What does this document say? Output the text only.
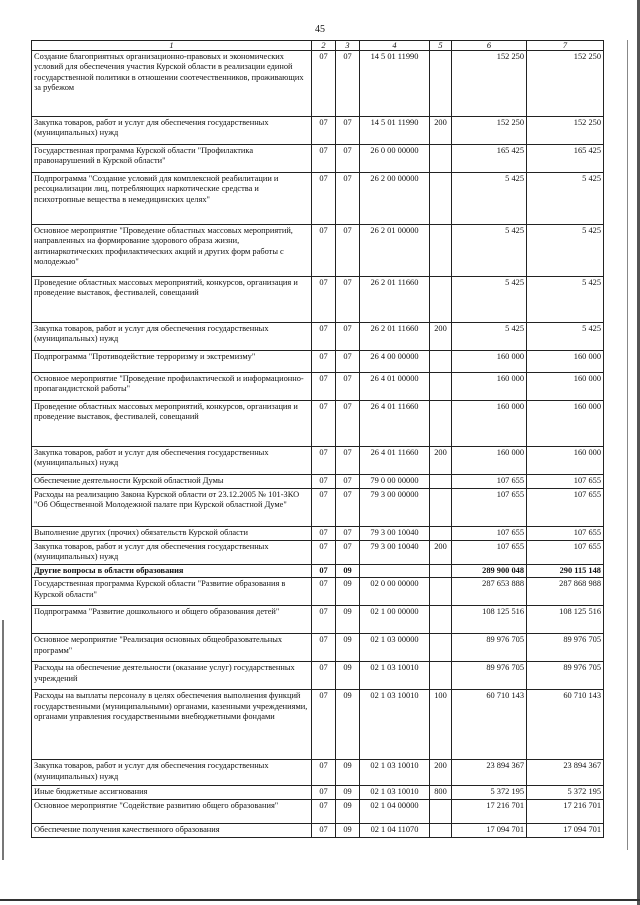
45
1	2	3	4	5	6	7
Создание благоприятных организационно-правовых и экономических условий для обеспечения участия Курской области в реализации единой государственной политики в отношении соотечественников, проживающих за рубежом	07	07	14 5 01 11990		152 250	152 250
Закупка товаров, работ и услуг для обеспечения государственных (муниципальных) нужд	07	07	14 5 01 11990	200	152 250	152 250
Государственная программа Курской области "Профилактика правонарушений в Курской области"	07	07	26 0 00 00000		165 425	165 425
Подпрограмма "Создание условий для комплексной реабилитации и ресоциализации лиц, потребляющих наркотические средства и психотропные вещества в немедицинских целях"	07	07	26 2 00 00000		5 425	5 425
Основное мероприятие "Проведение областных массовых мероприятий, направленных на формирование здорового образа жизни, антинаркотических профилактических акций и других форм работы с молодежью"	07	07	26 2 01 00000		5 425	5 425
Проведение областных массовых мероприятий, конкурсов, организация и проведение выставок, фестивалей, совещаний	07	07	26 2 01 11660		5 425	5 425
Закупка товаров, работ и услуг для обеспечения государственных (муниципальных) нужд	07	07	26 2 01 11660	200	5 425	5 425
Подпрограмма "Противодействие терроризму и экстремизму"	07	07	26 4 00 00000		160 000	160 000
Основное мероприятие "Проведение профилактической и информационно-пропагандистской работы"	07	07	26 4 01 00000		160 000	160 000
Проведение областных массовых мероприятий, конкурсов, организация и проведение выставок, фестивалей, совещаний	07	07	26 4 01 11660		160 000	160 000
Закупка товаров, работ и услуг для обеспечения государственных (муниципальных) нужд	07	07	26 4 01 11660	200	160 000	160 000
Обеспечение деятельности Курской областной Думы	07	07	79 0 00 00000		107 655	107 655
Расходы на реализацию Закона Курской области от 23.12.2005 № 101-ЗКО "Об Общественной Молодежной палате при Курской областной Думе"	07	07	79 3 00 00000		107 655	107 655
Выполнение других (прочих) обязательств Курской области	07	07	79 3 00 10040		107 655	107 655
Закупка товаров, работ и услуг для обеспечения государственных (муниципальных) нужд	07	07	79 3 00 10040	200	107 655	107 655
Другие вопросы в области образования	07	09			289 900 048	290 115 148
Государственная программа Курской области "Развитие образования в Курской области"	07	09	02 0 00 00000		287 653 888	287 868 988
Подпрограмма "Развитие дошкольного и общего образования детей"	07	09	02 1 00 00000		108 125 516	108 125 516
Основное мероприятие "Реализация основных общеобразовательных программ"	07	09	02 1 03 00000		89 976 705	89 976 705
Расходы на обеспечение деятельности (оказание услуг) государственных учреждений	07	09	02 1 03 10010		89 976 705	89 976 705
Расходы на выплаты персоналу в целях обеспечения выполнения функций государственными (муниципальными) органами, казенными учреждениями, органами управления государственными внебюджетными фондами	07	09	02 1 03 10010	100	60 710 143	60 710 143
Закупка товаров, работ и услуг для обеспечения государственных (муниципальных) нужд	07	09	02 1 03 10010	200	23 894 367	23 894 367
Иные бюджетные ассигнования	07	09	02 1 03 10010	800	5 372 195	5 372 195
Основное мероприятие "Содействие развитию общего образования"	07	09	02 1 04 00000		17 216 701	17 216 701
Обеспечение получения качественного образования	07	09	02 1 04 11070		17 094 701	17 094 701
